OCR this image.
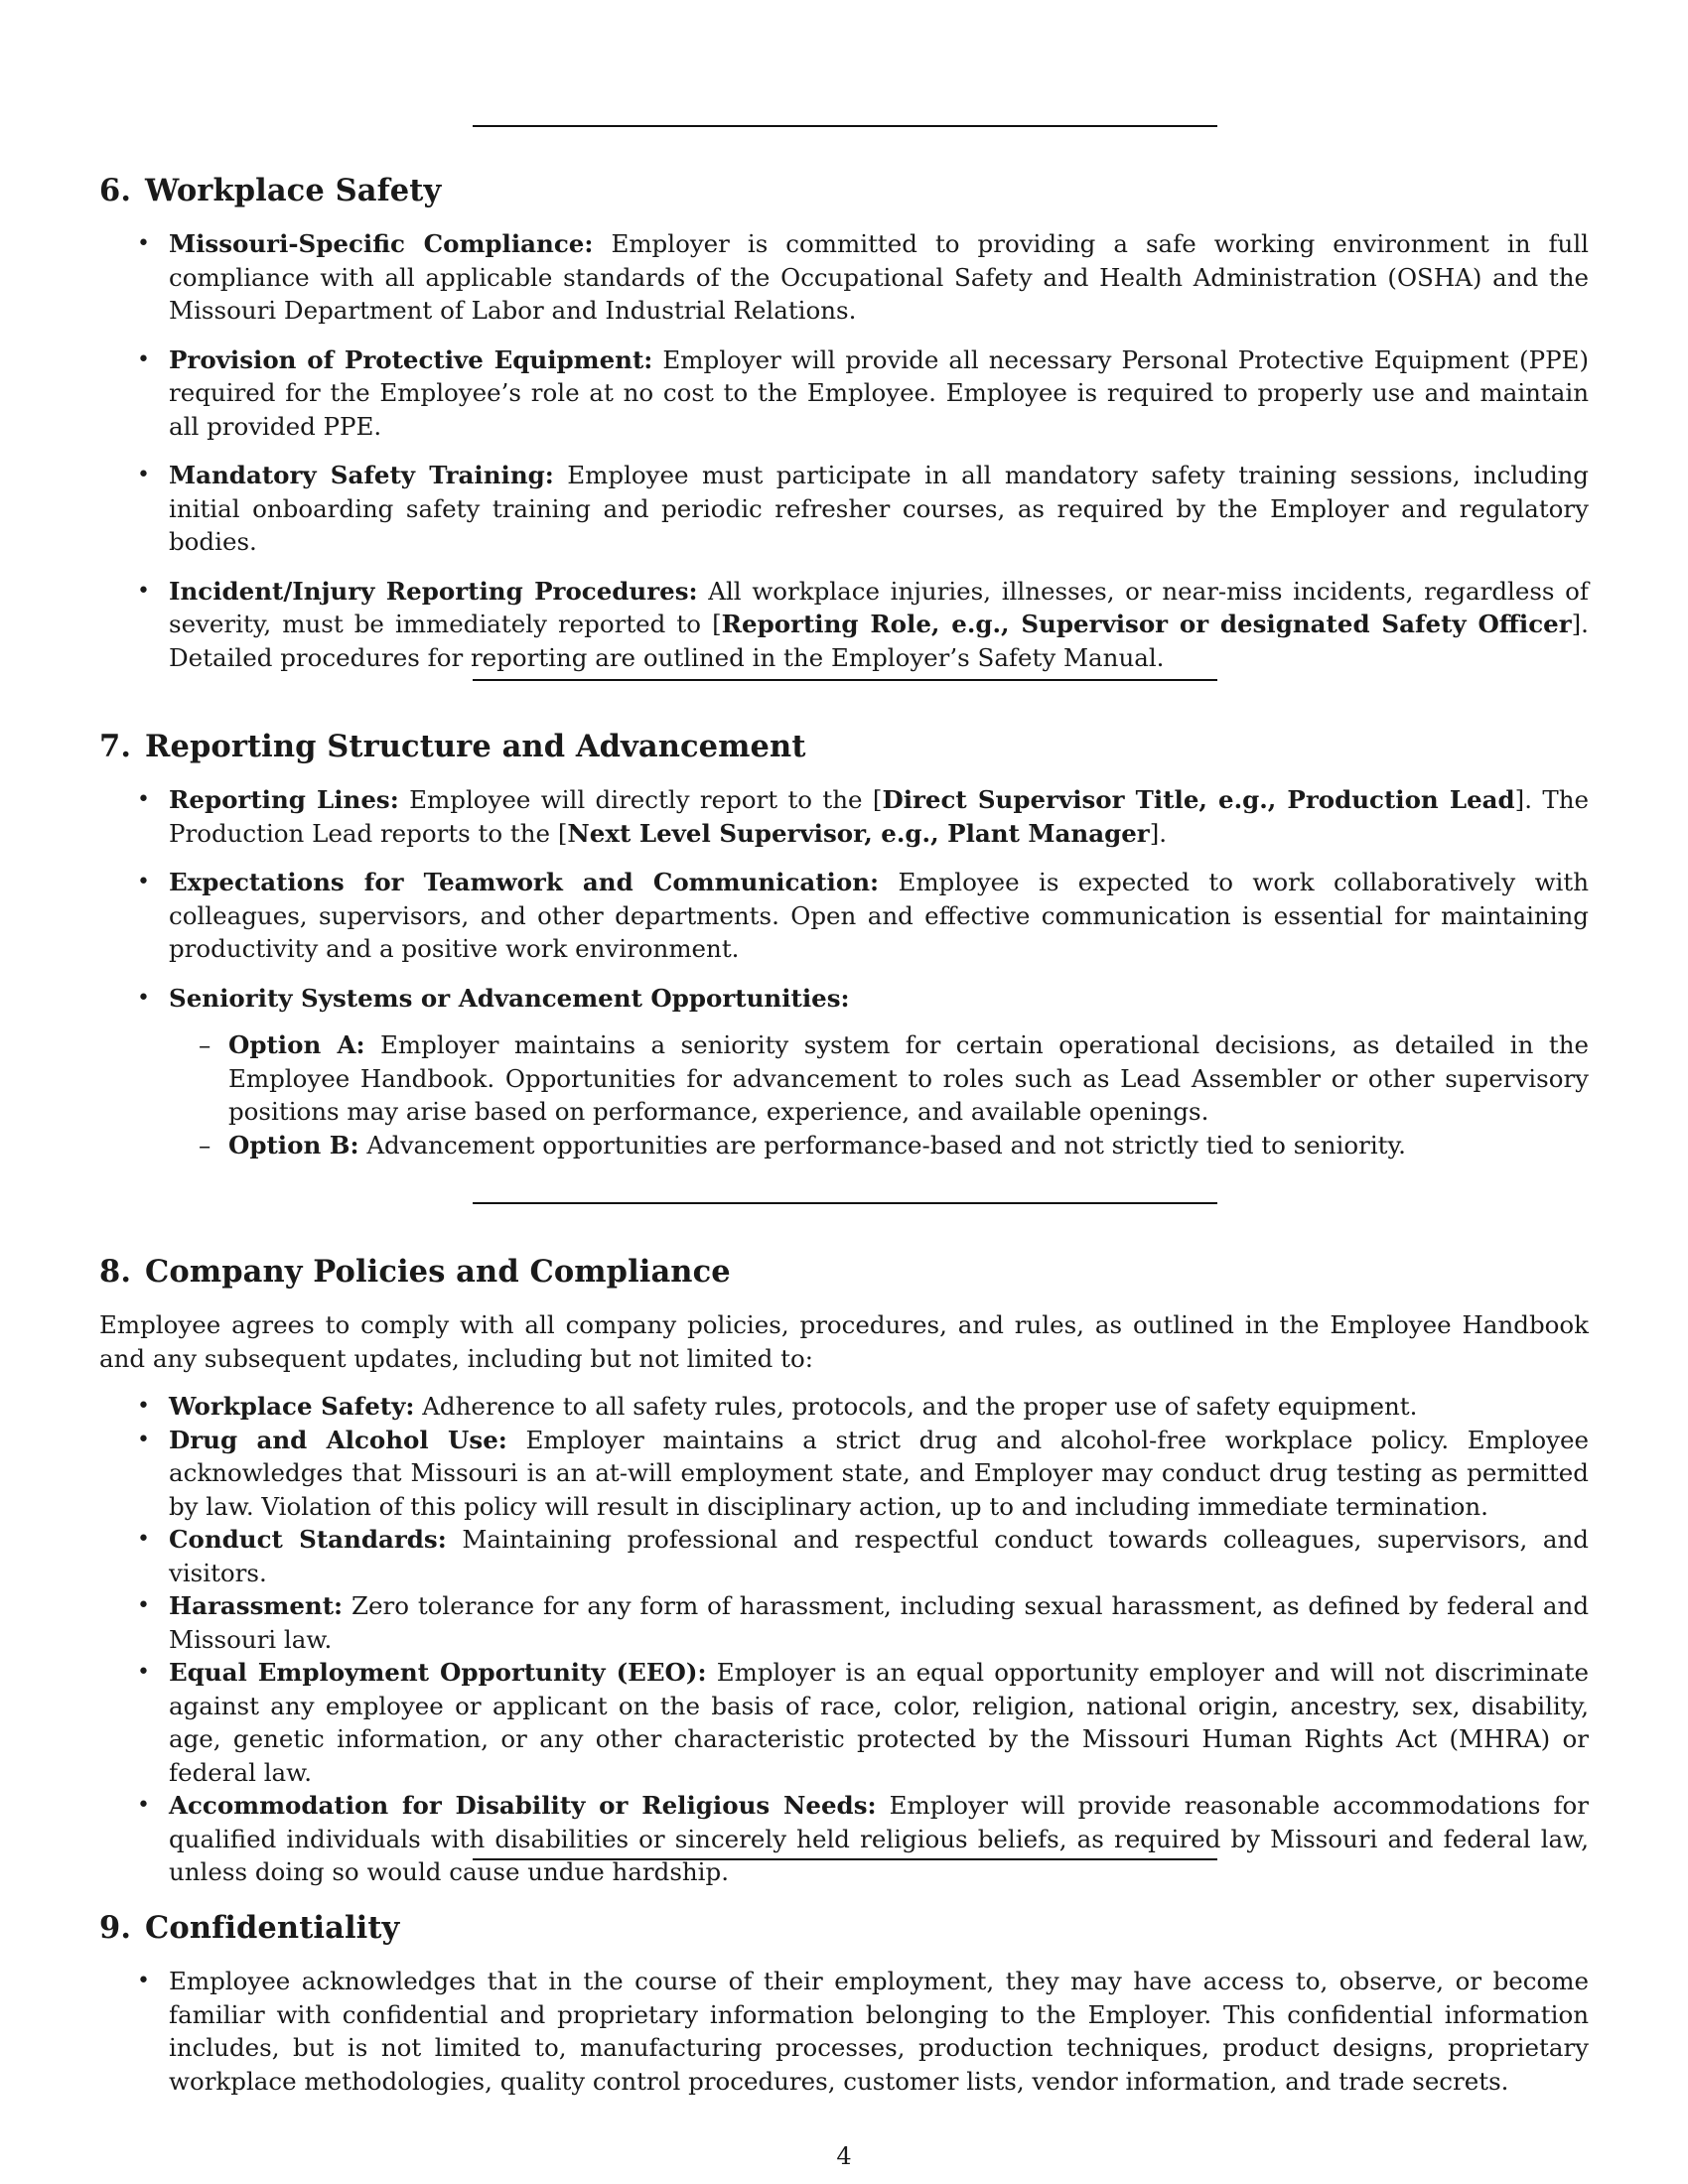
6. Workplace Safety
• Missouri-Specific Compliance: Employer is committed to providing a safe working environment in full compliance with all applicable standards of the Occupational Safety and Health Administration (OSHA) and the Missouri Department of Labor and Industrial Relations.
• Provision of Protective Equipment: Employer will provide all necessary Personal Protective Equipment (PPE) required for the Employee’s role at no cost to the Employee. Employee is required to properly use and maintain all provided PPE.
• Mandatory Safety Training: Employee must participate in all mandatory safety training sessions, including initial onboarding safety training and periodic refresher courses, as required by the Employer and regulatory bodies.
• Incident/Injury Reporting Procedures: All workplace injuries, illnesses, or near-miss incidents, regardless of severity, must be immediately reported to [Reporting Role, e.g., Supervisor or designated Safety Officer]. Detailed procedures for reporting are outlined in the Employer’s Safety Manual.
7. Reporting Structure and Advancement
• Reporting Lines: Employee will directly report to the [Direct Supervisor Title, e.g., Production Lead]. The Production Lead reports to the [Next Level Supervisor, e.g., Plant Manager].
• Expectations for Teamwork and Communication: Employee is expected to work collaboratively with colleagues, supervisors, and other departments. Open and effective communication is essential for maintaining productivity and a positive work environment.
• Seniority Systems or Advancement Opportunities:
– Option A: Employer maintains a seniority system for certain operational decisions, as detailed in the Employee Handbook. Opportunities for advancement to roles such as Lead Assembler or other supervisory positions may arise based on performance, experience, and available openings.
– Option B: Advancement opportunities are performance-based and not strictly tied to seniority.
8. Company Policies and Compliance

Employee agrees to comply with all company policies, procedures, and rules, as outlined in the Employee Handbook and any subsequent updates, including but not limited to:

• Workplace Safety: Adherence to all safety rules, protocols, and the proper use of safety equipment.
• Drug and Alcohol Use: Employer maintains a strict drug and alcohol-free workplace policy. Employee acknowledges that Missouri is an at-will employment state, and Employer may conduct drug testing as permitted by law. Violation of this policy will result in disciplinary action, up to and including immediate termination.
• Conduct Standards: Maintaining professional and respectful conduct towards colleagues, supervisors, and visitors.
• Harassment: Zero tolerance for any form of harassment, including sexual harassment, as defined by federal and Missouri law.
• Equal Employment Opportunity (EEO): Employer is an equal opportunity employer and will not discriminate against any employee or applicant on the basis of race, color, religion, national origin, ancestry, sex, disability, age, genetic information, or any other characteristic protected by the Missouri Human Rights Act (MHRA) or federal law.
• Accommodation for Disability or Religious Needs: Employer will provide reasonable accommodations for qualified individuals with disabilities or sincerely held religious beliefs, as required by Missouri and federal law, unless doing so would cause undue hardship.
9. Confidentiality
• Employee acknowledges that in the course of their employment, they may have access to, observe, or become familiar with confidential and proprietary information belonging to the Employer. This confidential information includes, but is not limited to, manufacturing processes, production techniques, product designs, proprietary workplace methodologies, quality control procedures, customer lists, vendor information, and trade secrets.
4
